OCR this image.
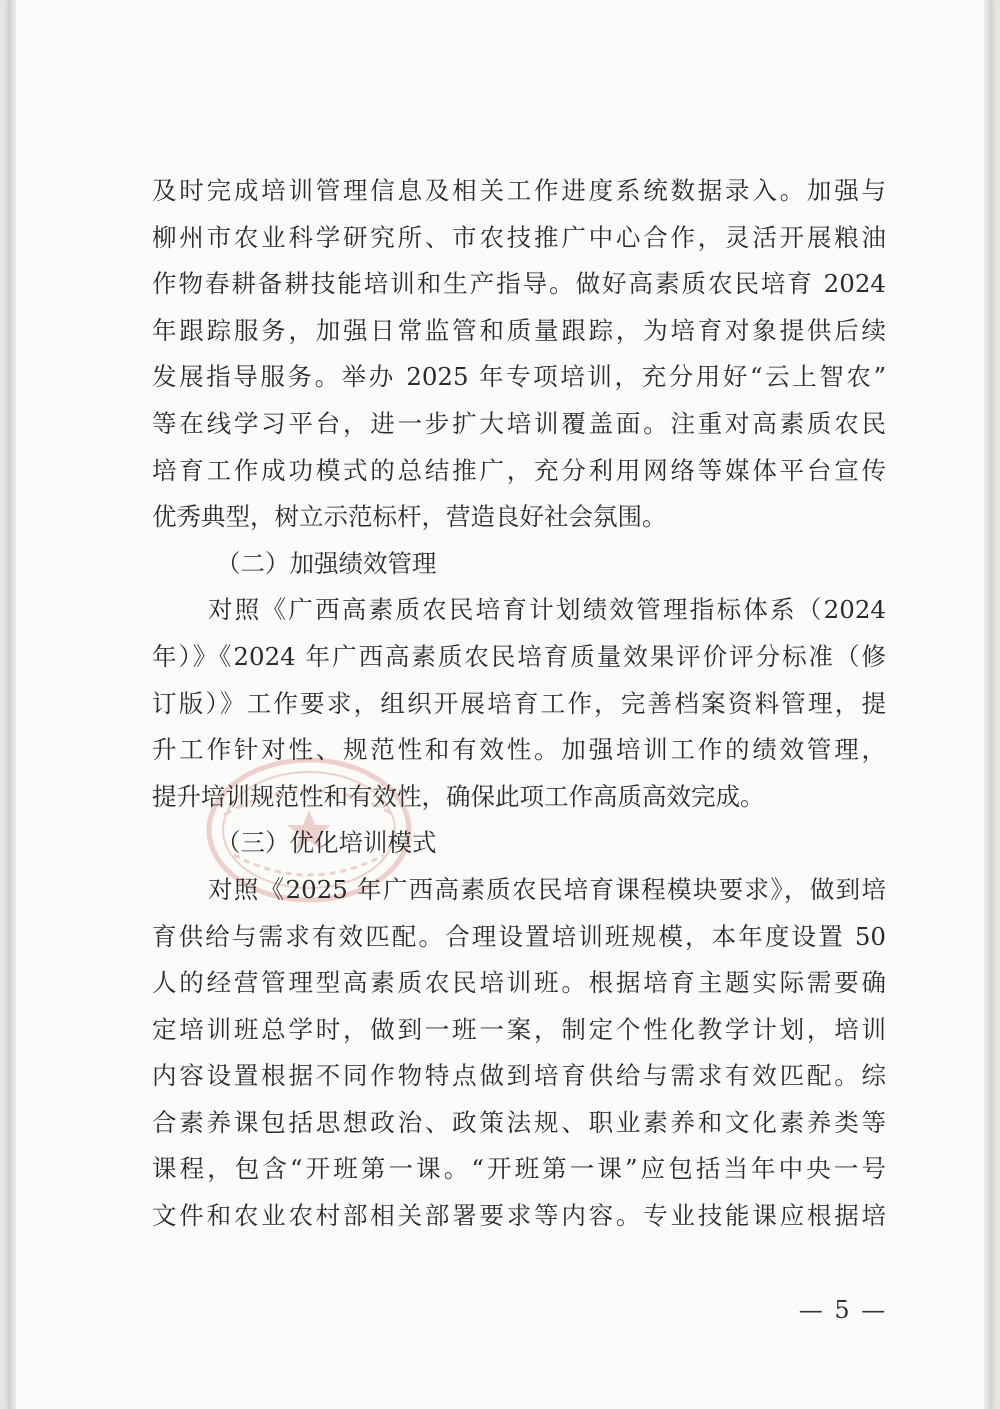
及时完成培训管理信息及相关工作进度系统数据录入。加强与
柳州市农业科学研究所、市农技推广中心合作，灵活开展粮油
作物春耕备耕技能培训和生产指导。做好高素质农民培育 2024
年跟踪服务，加强日常监管和质量跟踪，为培育对象提供后续
发展指导服务。举办 2025 年专项培训，充分用好“云上智农”
等在线学习平台，进一步扩大培训覆盖面。注重对高素质农民
培育工作成功模式的总结推广，充分利用网络等媒体平台宣传
优秀典型，树立示范标杆，营造良好社会氛围。
（二）加强绩效管理
对照《广西高素质农民培育计划绩效管理指标体系（2024
年）》《2024 年广西高素质农民培育质量效果评价评分标准（修
订版）》工作要求，组织开展培育工作，完善档案资料管理，提
升工作针对性、规范性和有效性。加强培训工作的绩效管理，
提升培训规范性和有效性，确保此项工作高质高效完成。
（三）优化培训模式
对照《2025 年广西高素质农民培育课程模块要求》，做到培
育供给与需求有效匹配。合理设置培训班规模，本年度设置 50
人的经营管理型高素质农民培训班。根据培育主题实际需要确
定培训班总学时，做到一班一案，制定个性化教学计划，培训
内容设置根据不同作物特点做到培育供给与需求有效匹配。综
合素养课包括思想政治、政策法规、职业素养和文化素养类等
课程，包含“开班第一课。“开班第一课”应包括当年中央一号
文件和农业农村部相关部署要求等内容。专业技能课应根据培
— 5 —
